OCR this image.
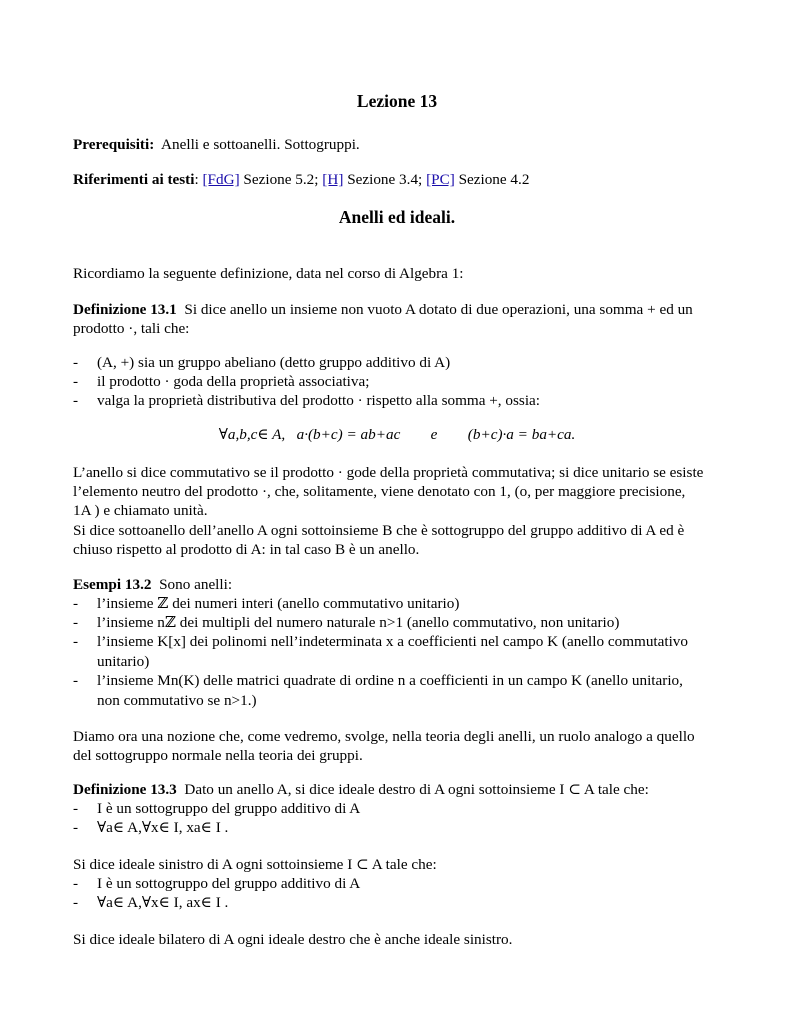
Lezione 13
Prerequisiti: Anelli e sottoanelli. Sottogruppi.
Riferimenti ai testi: [FdG] Sezione 5.2; [H] Sezione 3.4; [PC] Sezione 4.2
Anelli ed ideali.
Ricordiamo la seguente definizione, data nel corso di Algebra 1:
Definizione 13.1 Si dice anello un insieme non vuoto A dotato di due operazioni, una somma + ed un
prodotto ·, tali che:
- (A, +) sia un gruppo abeliano (detto gruppo additivo di A)
- il prodotto · goda della proprietà associativa;
- valga la proprietà distributiva del prodotto · rispetto alla somma +, ossia:
∀a,b,c∈ A,   a·(b+c) = ab+ac        e        (b+c)·a = ba+ca.
L’anello si dice commutativo se il prodotto · gode della proprietà commutativa; si dice unitario se esiste
l’elemento neutro del prodotto ·, che, solitamente, viene denotato con 1, (o, per maggiore precisione,
1A ) e chiamato unità.
Si dice sottoanello dell’anello A ogni sottoinsieme B che è sottogruppo del gruppo additivo di A ed è
chiuso rispetto al prodotto di A: in tal caso B è un anello.
Esempi 13.2 Sono anelli:
- l’insieme ℤ dei numeri interi (anello commutativo unitario)
- l’insieme nℤ dei multipli del numero naturale n>1 (anello commutativo, non unitario)
- l’insieme K[x] dei polinomi nell’indeterminata x a coefficienti nel campo K (anello commutativo
unitario)
- l’insieme Mn(K) delle matrici quadrate di ordine n a coefficienti in un campo K (anello unitario,
non commutativo se n>1.)
Diamo ora una nozione che, come vedremo, svolge, nella teoria degli anelli, un ruolo analogo a quello
del sottogruppo normale nella teoria dei gruppi.
Definizione 13.3 Dato un anello A, si dice ideale destro di A ogni sottoinsieme I ⊂ A tale che:
- I è un sottogruppo del gruppo additivo di A
- ∀a∈ A,∀x∈ I, xa∈ I .
Si dice ideale sinistro di A ogni sottoinsieme I ⊂ A tale che:
- I è un sottogruppo del gruppo additivo di A
- ∀a∈ A,∀x∈ I, ax∈ I .
Si dice ideale bilatero di A ogni ideale destro che è anche ideale sinistro.
